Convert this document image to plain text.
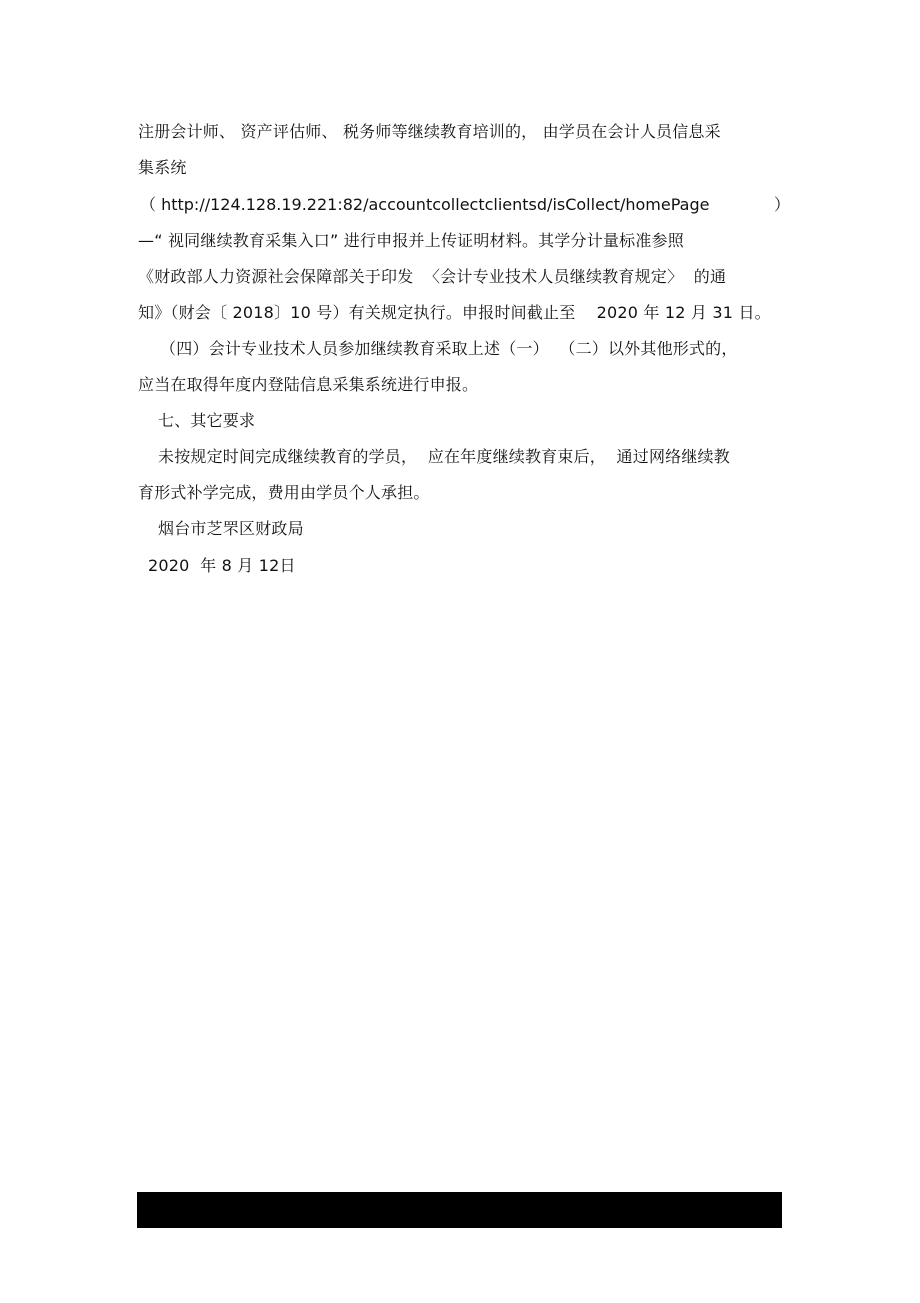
注册会计师、 资产评估师、 税务师等继续教育培训的， 由学员在会计人员信息采
集系统
（ http://124.128.19.221:82/accountcollectclientsd/isCollect/homePage	）
—“ 视同继续教育采集入口” 进行申报并上传证明材料。其学分计量标准参照
《财政部人力资源社会保障部关于印发  〈会计专业技术人员继续教育规定〉  的通
知》（财会〔 2018〕10 号）有关规定执行。申报时间截止至    2020 年 12 月 31 日。
（四）会计专业技术人员参加继续教育采取上述（一）  （二）以外其他形式的，
应当在取得年度内登陆信息采集系统进行申报。
七、其它要求
未按规定时间完成继续教育的学员，  应在年度继续教育束后，  通过网络继续教
育形式补学完成，费用由学员个人承担。
烟台市芝罘区财政局
2020  年 8 月 12日
